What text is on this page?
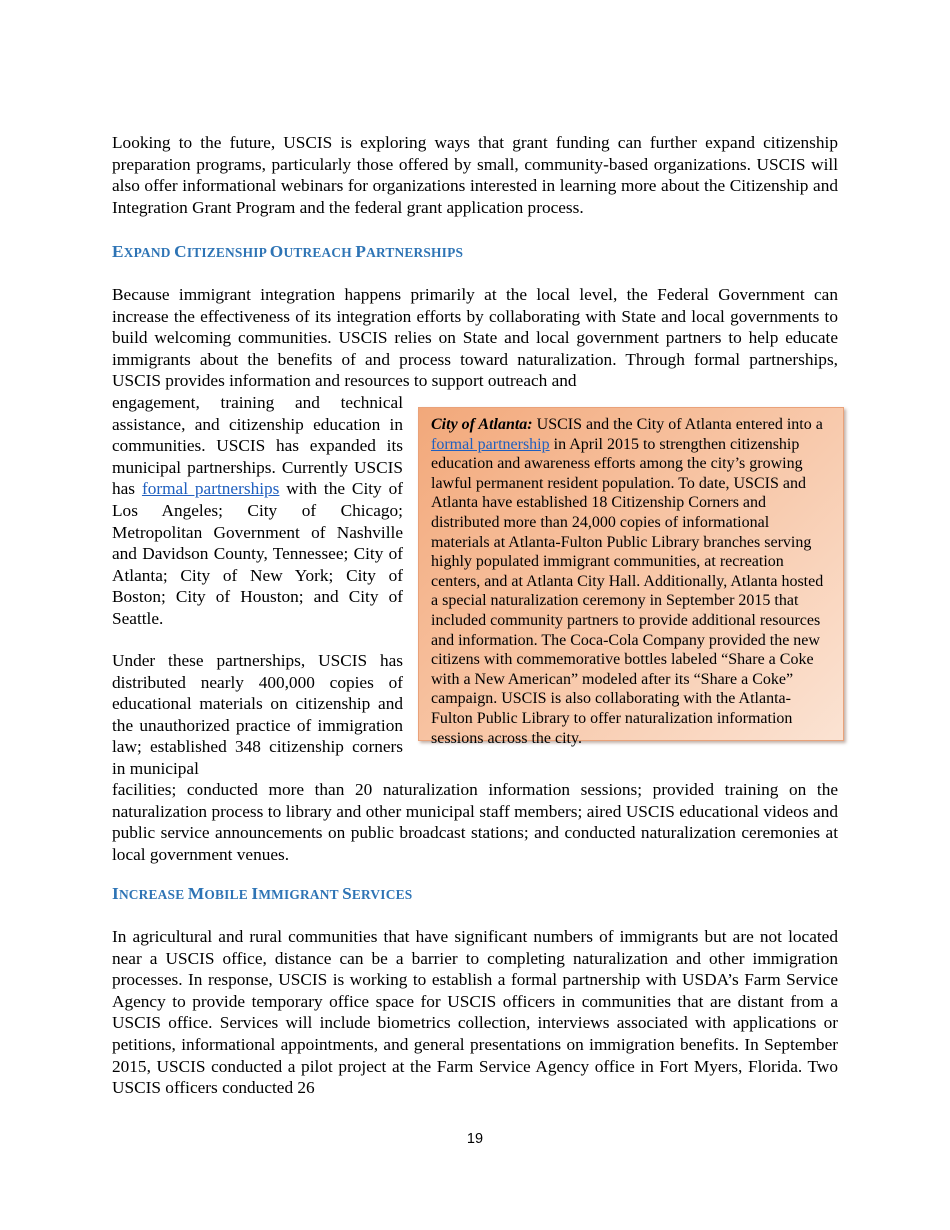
Looking to the future, USCIS is exploring ways that grant funding can further expand citizenship preparation programs, particularly those offered by small, community-based organizations. USCIS will also offer informational webinars for organizations interested in learning more about the Citizenship and Integration Grant Program and the federal grant application process.

EXPAND CITIZENSHIP OUTREACH PARTNERSHIPS

Because immigrant integration happens primarily at the local level, the Federal Government can increase the effectiveness of its integration efforts by collaborating with State and local governments to build welcoming communities. USCIS relies on State and local government partners to help educate immigrants about the benefits of and process toward naturalization. Through formal partnerships, USCIS provides information and resources to support outreach and

engagement, training and technical assistance, and citizenship education in communities. USCIS has expanded its municipal partnerships. Currently USCIS has formal partnerships with the City of Los Angeles; City of Chicago; Metropolitan Government of Nashville and Davidson County, Tennessee; City of Atlanta; City of New York; City of Boston; City of Houston; and City of Seattle.

Under these partnerships, USCIS has distributed nearly 400,000 copies of educational materials on citizenship and the unauthorized practice of immigration law; established 348 citizenship corners in municipal

facilities; conducted more than 20 naturalization information sessions; provided training on the naturalization process to library and other municipal staff members; aired USCIS educational videos and public service announcements on public broadcast stations; and conducted naturalization ceremonies at local government venues.

City of Atlanta: USCIS and the City of Atlanta entered into a formal partnership in April 2015 to strengthen citizenship education and awareness efforts among the city’s growing lawful permanent resident population. To date, USCIS and Atlanta have established 18 Citizenship Corners and distributed more than 24,000 copies of informational materials at Atlanta-Fulton Public Library branches serving highly populated immigrant communities, at recreation centers, and at Atlanta City Hall. Additionally, Atlanta hosted a special naturalization ceremony in September 2015 that included community partners to provide additional resources and information. The Coca-Cola Company provided the new citizens with commemorative bottles labeled “Share a Coke with a New American” modeled after its “Share a Coke” campaign. USCIS is also collaborating with the Atlanta-Fulton Public Library to offer naturalization information sessions across the city.

INCREASE MOBILE IMMIGRANT SERVICES

In agricultural and rural communities that have significant numbers of immigrants but are not located near a USCIS office, distance can be a barrier to completing naturalization and other immigration processes. In response, USCIS is working to establish a formal partnership with USDA’s Farm Service Agency to provide temporary office space for USCIS officers in communities that are distant from a USCIS office. Services will include biometrics collection, interviews associated with applications or petitions, informational appointments, and general presentations on immigration benefits. In September 2015, USCIS conducted a pilot project at the Farm Service Agency office in Fort Myers, Florida. Two USCIS officers conducted 26

19
